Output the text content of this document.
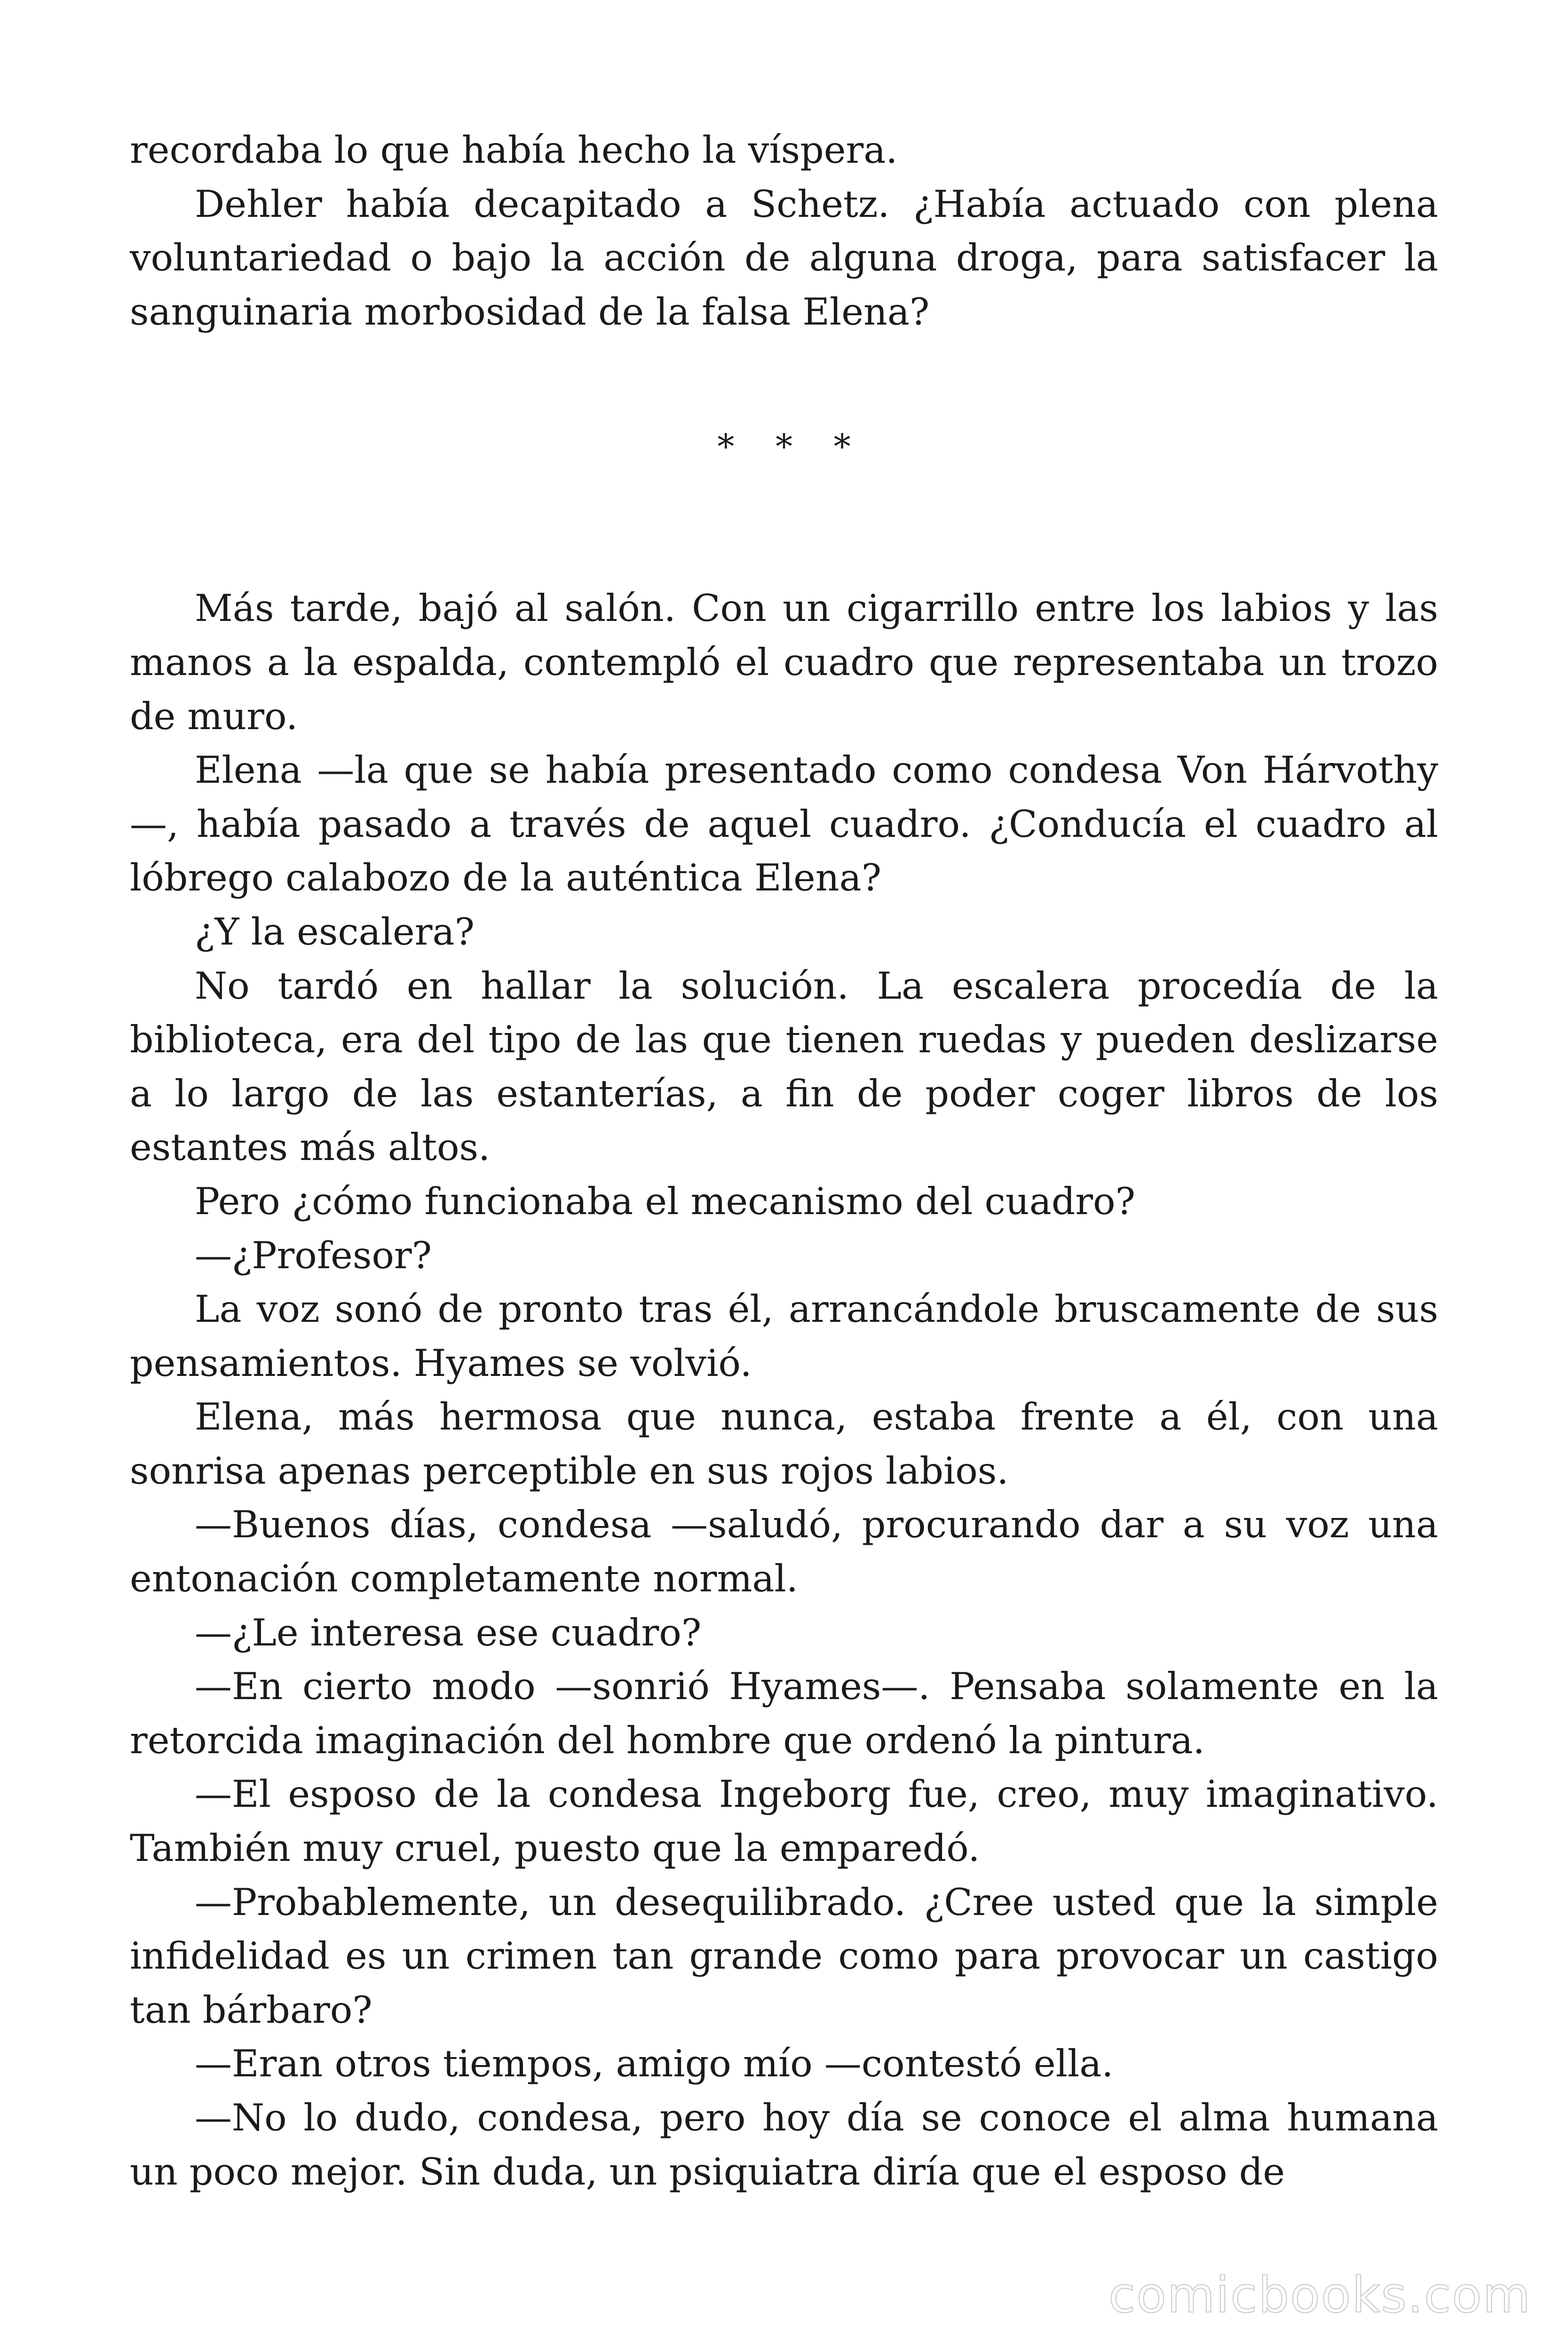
recordaba lo que había hecho la víspera.

Dehler había decapitado a Schetz. ¿Había actuado con plena voluntariedad o bajo la acción de alguna droga, para satisfacer la sanguinaria morbosidad de la falsa Elena?

* * *

Más tarde, bajó al salón. Con un cigarrillo entre los labios y las manos a la espalda, contempló el cuadro que representaba un trozo de muro.

Elena —la que se había presentado como condesa Von Hárvothy —, había pasado a través de aquel cuadro. ¿Conducía el cuadro al lóbrego calabozo de la auténtica Elena?

¿Y la escalera?

No tardó en hallar la solución. La escalera procedía de la biblioteca, era del tipo de las que tienen ruedas y pueden deslizarse a lo largo de las estanterías, a fin de poder coger libros de los estantes más altos.

Pero ¿cómo funcionaba el mecanismo del cuadro?

—¿Profesor?

La voz sonó de pronto tras él, arrancándole bruscamente de sus pensamientos. Hyames se volvió.

Elena, más hermosa que nunca, estaba frente a él, con una sonrisa apenas perceptible en sus rojos labios.

—Buenos días, condesa —saludó, procurando dar a su voz una entonación completamente normal.

—¿Le interesa ese cuadro?

—En cierto modo —sonrió Hyames—. Pensaba solamente en la retorcida imaginación del hombre que ordenó la pintura.

—El esposo de la condesa Ingeborg fue, creo, muy imaginativo. También muy cruel, puesto que la emparedó.

—Probablemente, un desequilibrado. ¿Cree usted que la simple infidelidad es un crimen tan grande como para provocar un castigo tan bárbaro?

—Eran otros tiempos, amigo mío —contestó ella.

—No lo dudo, condesa, pero hoy día se conoce el alma humana un poco mejor. Sin duda, un psiquiatra diría que el esposo de

comicbooks.com
